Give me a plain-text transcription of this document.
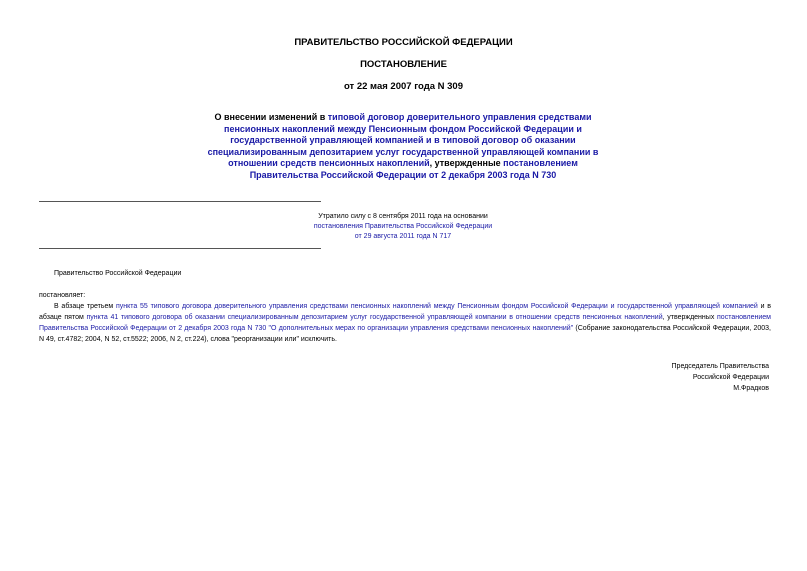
ПРАВИТЕЛЬСТВО РОССИЙСКОЙ ФЕДЕРАЦИИ
ПОСТАНОВЛЕНИЕ
от 22 мая 2007 года N 309
О внесении изменений в типовой договор доверительного управления средствами пенсионных накоплений между Пенсионным фондом Российской Федерации и государственной управляющей компанией и в типовой договор об оказании специализированным депозитарием услуг государственной управляющей компании в отношении средств пенсионных накоплений, утвержденные постановлением Правительства Российской Федерации от 2 декабря 2003 года N 730
Утратило силу с 8 сентября 2011 года на основании
постановления Правительства Российской Федерации
от 29 августа 2011 года N 717
Правительство Российской Федерации
постановляет:
В абзаце третьем пункта 55 типового договора доверительного управления средствами пенсионных накоплений между Пенсионным фондом Российской Федерации и государственной управляющей компанией и в абзаце пятом пункта 41 типового договора об оказании специализированным депозитарием услуг государственной управляющей компании в отношении средств пенсионных накоплений, утвержденных постановлением Правительства Российской Федерации от 2 декабря 2003 года N 730 "О дополнительных мерах по организации управления средствами пенсионных накоплений" (Собрание законодательства Российской Федерации, 2003, N 49, ст.4782; 2004, N 52, ст.5522; 2006, N 2, ст.224), слова "реорганизации или" исключить.
Председатель Правительства
Российской Федерации
М.Фрадков
